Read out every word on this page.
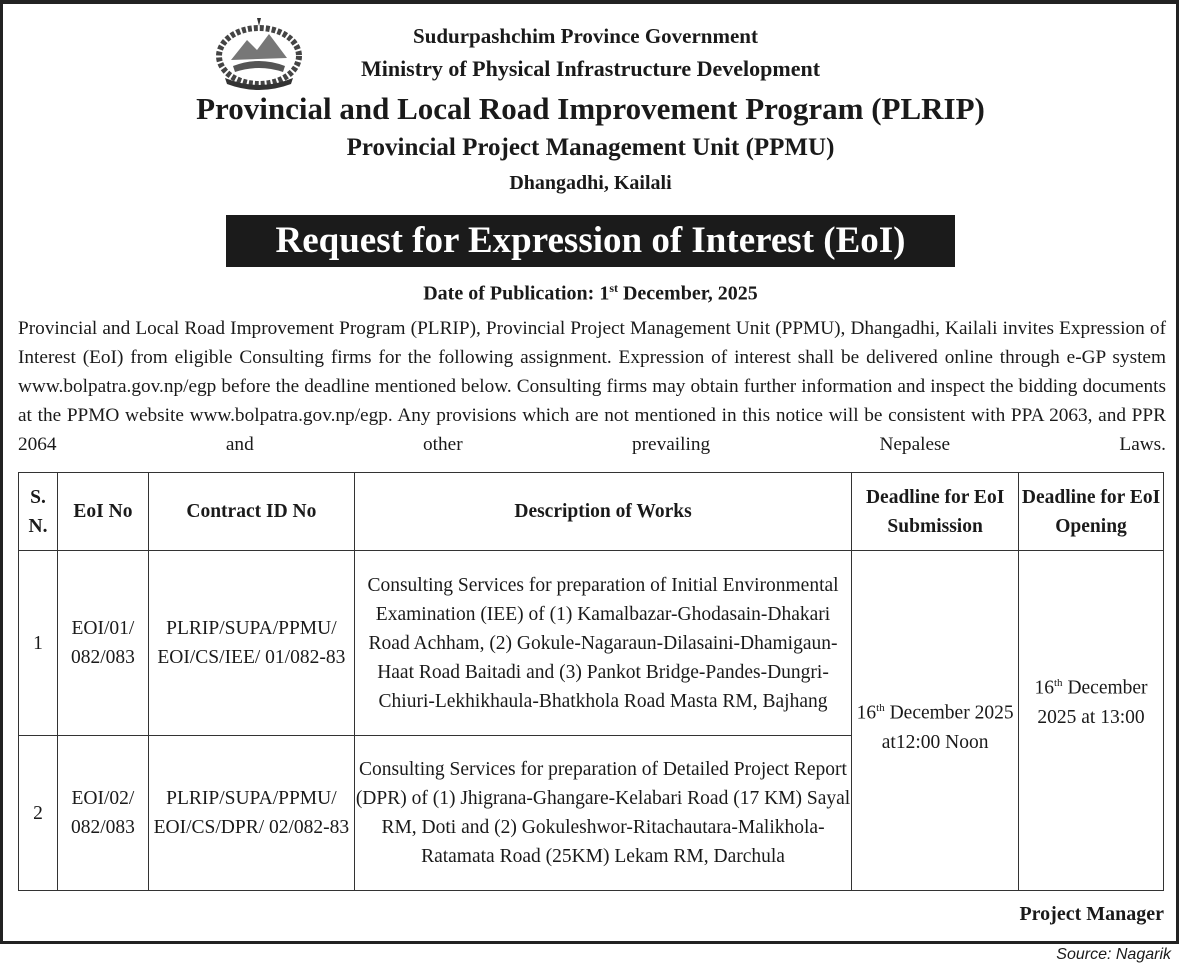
Sudurpashchim Province Government
Ministry of Physical Infrastructure Development
Provincial and Local Road Improvement Program (PLRIP)
Provincial Project Management Unit (PPMU)
Dhangadhi, Kailali
Request for Expression of Interest (EoI)
Date of Publication: 1st December, 2025
Provincial and Local Road Improvement Program (PLRIP), Provincial Project Management Unit (PPMU), Dhangadhi, Kailali invites Expression of Interest (EoI) from eligible Consulting firms for the following assignment. Expression of interest shall be delivered online through e-GP system www.bolpatra.gov.np/egp before the deadline mentioned below. Consulting firms may obtain further information and inspect the bidding documents at the PPMO website www.bolpatra.gov.np/egp. Any provisions which are not mentioned in this notice will be consistent with PPA 2063, and PPR 2064 and other prevailing Nepalese Laws.
S. N.	EoI No	Contract ID No	Description of Works	Deadline for EoI Submission	Deadline for EoI Opening
1	EOI/01/ 082/083	PLRIP/SUPA/PPMU/ EOI/CS/IEE/ 01/082-83	Consulting Services for preparation of Initial Environmental Examination (IEE) of (1) Kamalbazar-Ghodasain-Dhakari Road Achham, (2) Gokule-Nagaraun-Dilasaini-Dhamigaun-Haat Road Baitadi and (3) Pankot Bridge-Pandes-Dungri-Chiuri-Lekhikhaula-Bhatkhola Road Masta RM, Bajhang	16th December 2025 at12:00 Noon	16th December 2025 at 13:00
2	EOI/02/ 082/083	PLRIP/SUPA/PPMU/ EOI/CS/DPR/ 02/082-83	Consulting Services for preparation of Detailed Project Report (DPR) of (1) Jhigrana-Ghangare-Kelabari Road (17 KM) Sayal RM, Doti and (2) Gokuleshwor-Ritachautara-Malikhola-Ratamata Road (25KM) Lekam RM, Darchula		
Project Manager
Source: Nagarik
